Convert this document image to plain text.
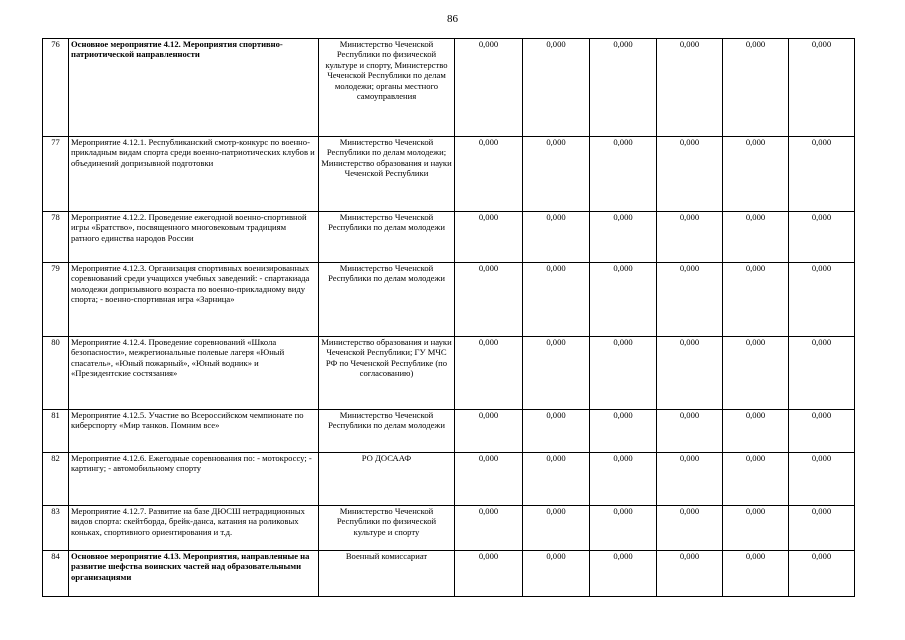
86
76	Основное мероприятие 4.12. Мероприятия спортивно-патриотической направленности	Министерство Чеченской Республики по физической культуре и спорту, Министерство Чеченской Республики по делам молодежи; органы местного самоуправления	0,000	0,000	0,000	0,000	0,000	0,000
77	Мероприятие 4.12.1. Республиканский смотр-конкурс по военно-прикладным видам спорта среди военно-патриотических клубов и объединений допризывной подготовки	Министерство Чеченской Республики по делам молодежи; Министерство образования и науки Чеченской Республики	0,000	0,000	0,000	0,000	0,000	0,000
78	Мероприятие 4.12.2. Проведение ежегодной военно-спортивной игры «Братство», посвященного многовековым традициям ратного единства народов России	Министерство Чеченской Республики по делам молодежи	0,000	0,000	0,000	0,000	0,000	0,000
79	Мероприятие 4.12.3. Организация спортивных военизированных соревнований среди учащихся учебных заведений: - спартакиада молодежи допризывного возраста по военно-прикладному виду спорта; - военно-спортивная игра «Зарница»	Министерство Чеченской Республики по делам молодежи	0,000	0,000	0,000	0,000	0,000	0,000
80	Мероприятие 4.12.4. Проведение соревнований «Школа безопасности», межрегиональные полевые лагеря «Юный спасатель», «Юный пожарный», «Юный водник» и «Президентские состязания»	Министерство образования и науки Чеченской Республики; ГУ МЧС РФ по Чеченской Республике (по согласованию)	0,000	0,000	0,000	0,000	0,000	0,000
81	Мероприятие 4.12.5. Участие во Всероссийском чемпионате по киберспорту «Мир танков. Помним все»	Министерство Чеченской Республики по делам молодежи	0,000	0,000	0,000	0,000	0,000	0,000
82	Мероприятие 4.12.6. Ежегодные соревнования по: - мотокроссу; - картингу; - автомобильному спорту	РО ДОСААФ	0,000	0,000	0,000	0,000	0,000	0,000
83	Мероприятие 4.12.7. Развитие на базе ДЮСШ нетрадиционных видов спорта: скейтборда, брейк-данса, катания на роликовых коньках, спортивного ориентирования и т.д.	Министерство Чеченской Республики по физической культуре и спорту	0,000	0,000	0,000	0,000	0,000	0,000
84	Основное мероприятие 4.13. Мероприятия, направленные на развитие шефства воинских частей над образовательными организациями	Военный комиссариат	0,000	0,000	0,000	0,000	0,000	0,000
